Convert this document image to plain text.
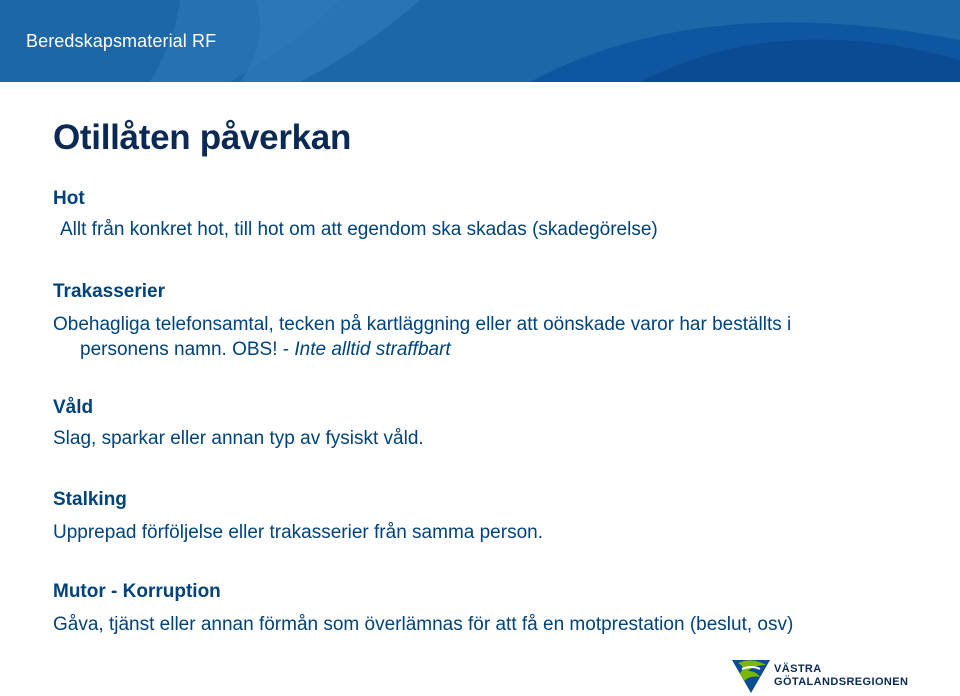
Beredskapsmaterial RF
Otillåten påverkan
Hot
Allt från konkret hot, till hot om att egendom ska skadas (skadegörelse)
Trakasserier
Obehagliga telefonsamtal, tecken på kartläggning eller att oönskade varor har beställts i
personens namn. OBS! - Inte alltid straffbart
Våld
Slag, sparkar eller annan typ av fysiskt våld.
Stalking
Upprepad förföljelse eller trakasserier från samma person.
Mutor - Korruption
Gåva, tjänst eller annan förmån som överlämnas för att få en motprestation (beslut, osv)
VÄSTRA
GÖTALANDSREGIONEN
